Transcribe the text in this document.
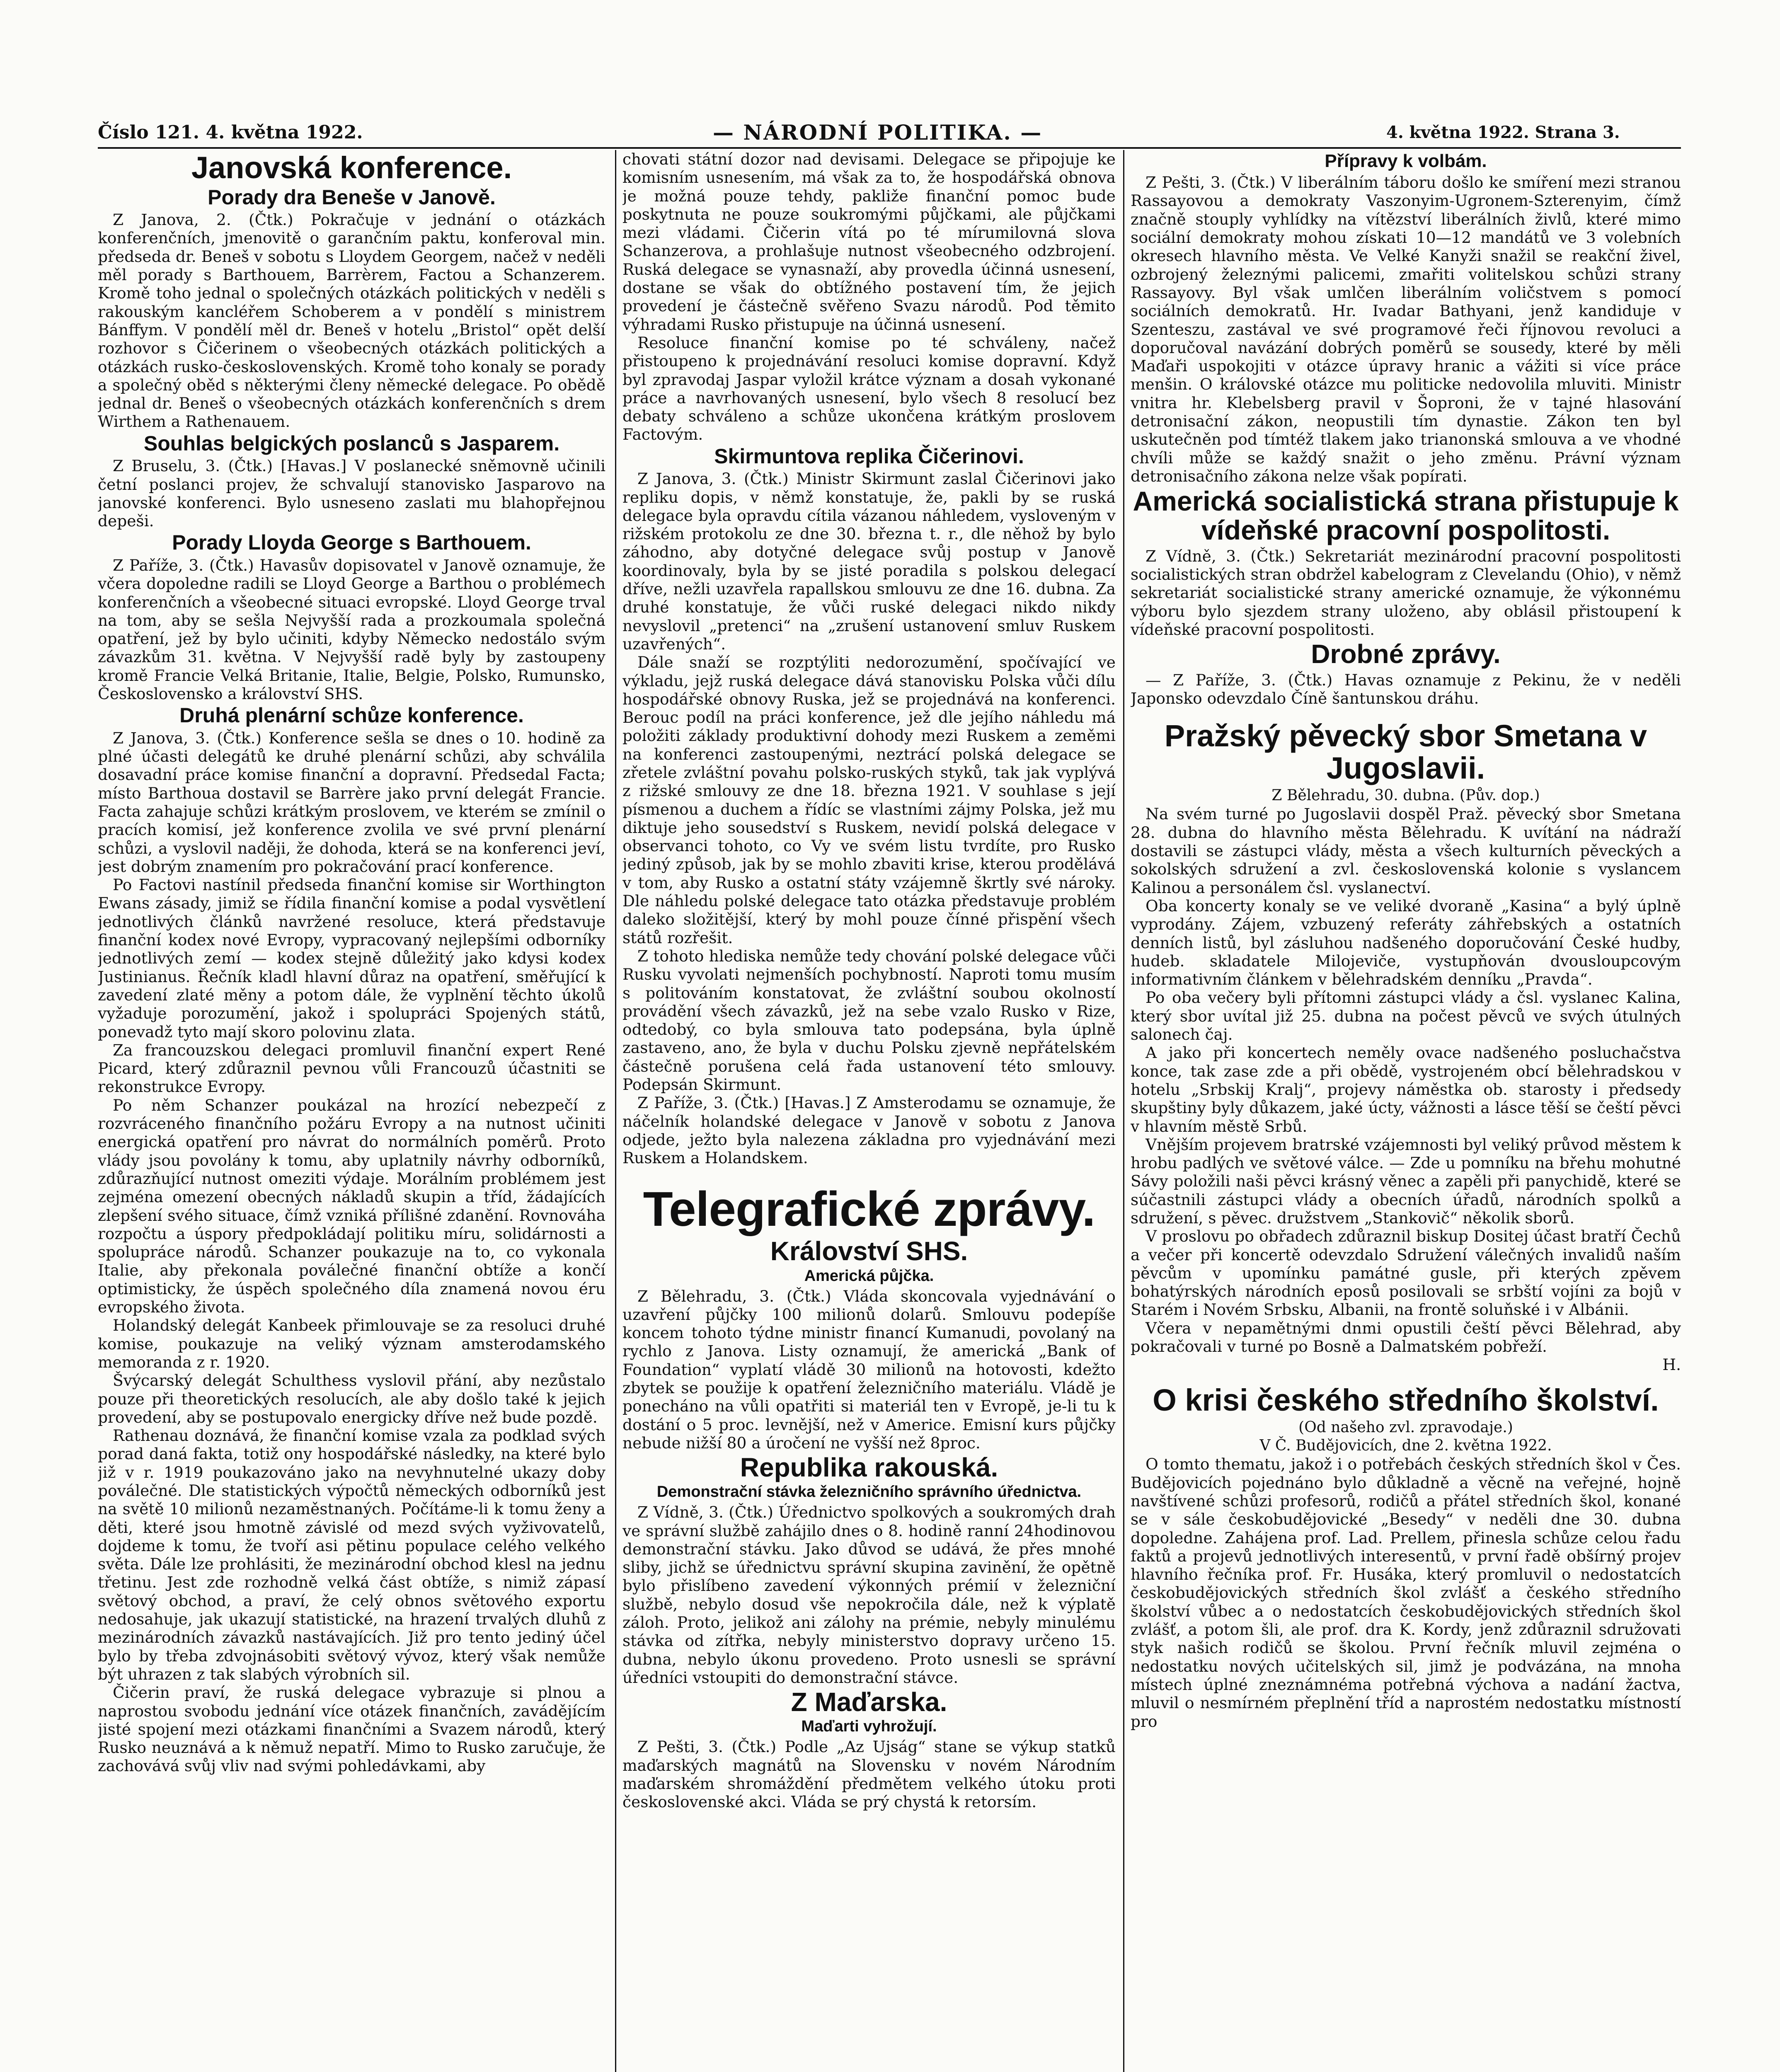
Číslo 121. 4. května 1922.	— NÁRODNÍ POLITIKA. —	4. května 1922. Strana 3.
Janovská konference.
Porady dra Beneše v Janově.

Z Janova, 2. (Čtk.) Pokračuje v jednání o otázkách konferenčních, jmenovitě o garančním paktu, konferoval min. předseda dr. Beneš v sobotu s Lloydem Georgem, načež v neděli měl porady s Barthouem, Barrèrem, Factou a Schanzerem. Kromě toho jednal o společných otázkách politických v neděli s rakouským kancléřem Schoberem a v pondělí s ministrem Bánffym. V pondělí měl dr. Beneš v hotelu „Bristol“ opět delší rozhovor s Čičerinem o všeobecných otázkách politických a otázkách rusko-československých. Kromě toho konaly se porady a společný oběd s některými členy německé delegace. Po obědě jednal dr. Beneš o všeobecných otázkách konferenčních s drem Wirthem a Rathenauem.

Souhlas belgických poslanců s Jasparem.

Z Bruselu, 3. (Čtk.) [Havas.] V poslanecké sněmovně učinili četní poslanci projev, že schvalují stanovisko Jasparovo na janovské konferenci. Bylo usneseno zaslati mu blahopřejnou depeši.

Porady Lloyda George s Barthouem.

Z Paříže, 3. (Čtk.) Havasův dopisovatel v Janově oznamuje, že včera dopoledne radili se Lloyd George a Barthou o problémech konferenčních a všeobecné situaci evropské. Lloyd George trval na tom, aby se sešla Nejvyšší rada a prozkoumala společná opatření, jež by bylo učiniti, kdyby Německo nedostálo svým závazkům 31. května. V Nejvyšší radě byly by zastoupeny kromě Francie Velká Britanie, Italie, Belgie, Polsko, Rumunsko, Československo a království SHS.

Druhá plenární schůze konference.

Z Janova, 3. (Čtk.) Konference sešla se dnes o 10. hodině za plné účasti delegátů ke druhé plenární schůzi, aby schválila dosavadní práce komise finanční a dopravní. Předsedal Facta; místo Barthoua dostavil se Barrère jako první delegát Francie. Facta zahajuje schůzi krátkým proslovem, ve kterém se zmínil o pracích komisí, jež konference zvolila ve své první plenární schůzi, a vyslovil naději, že dohoda, která se na konferenci jeví, jest dobrým znamením pro pokračování prací konference.

Po Factovi nastínil předseda finanční komise sir Worthington Ewans zásady, jimiž se řídila finanční komise a podal vysvětlení jednotlivých článků navržené resoluce, která představuje finanční kodex nové Evropy, vypracovaný nejlepšími odborníky jednotlivých zemí — kodex stejně důležitý jako kdysi kodex Justinianus. Řečník kladl hlavní důraz na opatření, směřující k zavedení zlaté měny a potom dále, že vyplnění těchto úkolů vyžaduje porozumění, jakož i spolupráci Spojených států, ponevadž tyto mají skoro polovinu zlata.

Za francouzskou delegaci promluvil finanční expert René Picard, který zdůraznil pevnou vůli Francouzů účastniti se rekonstrukce Evropy.

Po něm Schanzer poukázal na hrozící nebezpečí z rozvráceného finančního požáru Evropy a na nutnost učiniti energická opatření pro návrat do normálních poměrů. Proto vlády jsou povolány k tomu, aby uplatnily návrhy odborníků, zdůrazňující nutnost omeziti výdaje. Morálním problémem jest zejména omezení obecných nákladů skupin a tříd, žádajících zlepšení svého situace, čímž vzniká přílišné zdanění. Rovnováha rozpočtu a úspory předpokládají politiku míru, solidárnosti a spolupráce národů. Schanzer poukazuje na to, co vykonala Italie, aby překonala poválečné finanční obtíže a končí optimisticky, že úspěch společného díla znamená novou éru evropského života.

Holandský delegát Kanbeek přimlouvaje se za resoluci druhé komise, poukazuje na veliký význam amsterodamského memoranda z r. 1920.

Švýcarský delegát Schulthess vyslovil přání, aby nezůstalo pouze při theoretických resolucích, ale aby došlo také k jejich provedení, aby se postupovalo energicky dříve než bude pozdě.

Rathenau doznává, že finanční komise vzala za podklad svých porad daná fakta, totiž ony hospodářské následky, na které bylo již v r. 1919 poukazováno jako na nevyhnutelné ukazy doby poválečné. Dle statistických výpočtů německých odborníků jest na světě 10 milionů nezaměstnaných. Počítáme-li k tomu ženy a děti, které jsou hmotně závislé od mezd svých vyživovatelů, dojdeme k tomu, že tvoří asi pětinu populace celého velkého světa. Dále lze prohlásiti, že mezinárodní obchod klesl na jednu třetinu. Jest zde rozhodně velká část obtíže, s nimiž zápasí světový obchod, a praví, že celý obnos světového exportu nedosahuje, jak ukazují statistické, na hrazení trvalých dluhů z mezinárodních závazků nastávajících. Již pro tento jediný účel bylo by třeba zdvojnásobiti světový vývoz, který však nemůže být uhrazen z tak slabých výrobních sil.

Čičerin praví, že ruská delegace vybrazuje si plnou a naprostou svobodu jednání více otázek finančních, zavádějícím jisté spojení mezi otázkami finančními a Svazem národů, který Rusko neuznává a k němuž nepatří. Mimo to Rusko zaručuje, že zachovává svůj vliv nad svými pohledávkami, aby

chovati státní dozor nad devisami. Delegace se připojuje ke komisním usnesením, má však za to, že hospodářská obnova je možná pouze tehdy, pakliže finanční pomoc bude poskytnuta ne pouze soukromými půjčkami, ale půjčkami mezi vládami. Čičerin vítá po té mírumilovná slova Schanzerova, a prohlašuje nutnost všeobecného odzbrojení. Ruská delegace se vynasnaží, aby provedla účinná usnesení, dostane se však do obtížného postavení tím, že jejich provedení je částečně svěřeno Svazu národů. Pod těmito výhradami Rusko přistupuje na účinná usnesení.

Resoluce finanční komise po té schváleny, načež přistoupeno k projednávání resoluci komise dopravní. Když byl zpravodaj Jaspar vyložil krátce význam a dosah vykonané práce a navrhovaných usnesení, bylo všech 8 resolucí bez debaty schváleno a schůze ukončena krátkým proslovem Factovým.

Skirmuntova replika Čičerinovi.

Z Janova, 3. (Čtk.) Ministr Skirmunt zaslal Čičerinovi jako repliku dopis, v němž konstatuje, že, pakli by se ruská delegace byla opravdu cítila vázanou náhledem, vysloveným v rižském protokolu ze dne 30. března t. r., dle něhož by bylo záhodno, aby dotyčné delegace svůj postup v Janově koordinovaly, byla by se jisté poradila s polskou delegací dříve, nežli uzavřela rapallskou smlouvu ze dne 16. dubna. Za druhé konstatuje, že vůči ruské delegaci nikdo nikdy nevyslovil „pretenci“ na „zrušení ustanovení smluv Ruskem uzavřených“.

Dále snaží se rozptýliti nedorozumění, spočívající ve výkladu, jejž ruská delegace dává stanovisku Polska vůči dílu hospodářské obnovy Ruska, jež se projednává na konferenci. Berouc podíl na práci konference, jež dle jejího náhledu má položiti základy produktivní dohody mezi Ruskem a zeměmi na konferenci zastoupenými, neztrácí polská delegace se zřetele zvláštní povahu polsko-ruských styků, tak jak vyplývá z rižské smlouvy ze dne 18. března 1921. V souhlase s její písmenou a duchem a řídíc se vlastními zájmy Polska, jež mu diktuje jeho sousedství s Ruskem, nevidí polská delegace v observanci tohoto, co Vy ve svém listu tvrdíte, pro Rusko jediný způsob, jak by se mohlo zbaviti krise, kterou prodělává v tom, aby Rusko a ostatní státy vzájemně škrtly své nároky. Dle náhledu polské delegace tato otázka představuje problém daleko složitější, který by mohl pouze čínné přispění všech států rozřešit.

Z tohoto hlediska nemůže tedy chování polské delegace vůči Rusku vyvolati nejmenších pochybností. Naproti tomu musím s politováním konstatovat, že zvláštní soubou okolností provádění všech závazků, jež na sebe vzalo Rusko v Rize, odtedobý, co byla smlouva tato podepsána, byla úplně zastaveno, ano, že byla v duchu Polsku zjevně nepřátelském částečně porušena celá řada ustanovení této smlouvy. Podepsán Skirmunt.

Z Paříže, 3. (Čtk.) [Havas.] Z Amsterodamu se oznamuje, že náčelník holandské delegace v Janově v sobotu z Janova odjede, ježto byla nalezena základna pro vyjednávání mezi Ruskem a Holandskem.

Telegrafické zprávy.
Království SHS.
Americká půjčka.

Z Bělehradu, 3. (Čtk.) Vláda skoncovala vyjednávání o uzavření půjčky 100 milionů dolarů. Smlouvu podepíše koncem tohoto týdne ministr financí Kumanudi, povolaný na rychlo z Janova. Listy oznamují, že americká „Bank of Foundation“ vyplatí vládě 30 milionů na hotovosti, kdežto zbytek se použije k opatření železničního materiálu. Vládě je ponecháno na vůli opatřiti si materiál ten v Evropě, je-li tu k dostání o 5 proc. levnější, než v Americe. Emisní kurs půjčky nebude nižší 80 a úročení ne vyšší než 8proc.

Republika rakouská.
Demonstrační stávka železničního správního úřednictva.

Z Vídně, 3. (Čtk.) Úřednictvo spolkových a soukromých drah ve správní službě zahájilo dnes o 8. hodině ranní 24hodinovou demonstrační stávku. Jako důvod se udává, že přes mnohé sliby, jichž se úřednictvu správní skupina zavinění, že opětně bylo přislíbeno zavedení výkonných prémií v železniční službě, nebylo dosud vše nepokročila dále, než k výplatě záloh. Proto, jelikož ani zálohy na prémie, nebyly minulému stávka od zítřka, nebyly ministerstvo dopravy určeno 15. dubna, nebylo úkonu provedeno. Proto usnesli se správní úředníci vstoupiti do demonstrační stávce.

Z Maďarska.
Maďarti vyhrožují.

Z Pešti, 3. (Čtk.) Podle „Az Ujság“ stane se výkup statků maďarských magnátů na Slovensku v novém Národním maďarském shromáždění předmětem velkého útoku proti československé akci. Vláda se prý chystá k retorsím.

Přípravy k volbám.

Z Pešti, 3. (Čtk.) V liberálním táboru došlo ke smíření mezi stranou Rassayovou a demokraty Vaszonyim-Ugronem-Szterenyim, čímž značně stouply vyhlídky na vítězství liberálních živlů, které mimo sociální demokraty mohou získati 10—12 mandátů ve 3 volebních okresech hlavního města. Ve Velké Kanyži snažil se reakční živel, ozbrojený železnými palicemi, zmařiti volitelskou schůzi strany Rassayovy. Byl však umlčen liberálním voličstvem s pomocí sociálních demokratů. Hr. Ivadar Bathyani, jenž kandiduje v Szenteszu, zastával ve své programové řeči říjnovou revoluci a doporučoval navázání dobrých poměrů se sousedy, které by měli Maďaři uspokojiti v otázce úpravy hranic a vážiti si více práce menšin. O královské otázce mu politicke nedovolila mluviti. Ministr vnitra hr. Klebelsberg pravil v Šoproni, že v tajné hlasování detronisační zákon, neopustili tím dynastie. Zákon ten byl uskutečněn pod tímtéž tlakem jako trianonská smlouva a ve vhodné chvíli může se každý snažit o jeho změnu. Právní význam detronisačního zákona nelze však popírati.

Americká socialistická strana přistupuje k vídeňské pracovní pospolitosti.

Z Vídně, 3. (Čtk.) Sekretariát mezinárodní pracovní pospolitosti socialistických stran obdržel kabelogram z Clevelandu (Ohio), v němž sekretariát socialistické strany americké oznamuje, že výkonnému výboru bylo sjezdem strany uloženo, aby oblásil přistoupení k vídeňské pracovní pospolitosti.

Drobné zprávy.

— Z Paříže, 3. (Čtk.) Havas oznamuje z Pekinu, že v neděli Japonsko odevzdalo Číně šantunskou dráhu.

Pražský pěvecký sbor Smetana v Jugoslavii.
Z Bělehradu, 30. dubna. (Pův. dop.)

Na svém turné po Jugoslavii dospěl Praž. pěvecký sbor Smetana 28. dubna do hlavního města Bělehradu. K uvítání na nádraží dostavili se zástupci vlády, města a všech kulturních pěveckých a sokolských sdružení a zvl. československá kolonie s vyslancem Kalinou a personálem čsl. vyslanectví.

Oba koncerty konaly se ve veliké dvoraně „Kasina“ a bylý úplně vyprodány. Zájem, vzbuzený referáty záhřebských a ostatních denních listů, byl zásluhou nadšeného doporučování České hudby, hudeb. skladatele Milojeviče, vystupňován dvousloupcovým informativním článkem v bělehradském denníku „Pravda“.

Po oba večery byli přítomni zástupci vlády a čsl. vyslanec Kalina, který sbor uvítal již 25. dubna na počest pěvců ve svých útulných salonech čaj.

A jako při koncertech neměly ovace nadšeného posluchačstva konce, tak zase zde a při obědě, vystrojeném obcí bělehradskou v hotelu „Srbskij Kralj“, projevy náměstka ob. starosty i předsedy skupštiny byly důkazem, jaké úcty, vážnosti a lásce těší se čeští pěvci v hlavním městě Srbů.

Vnějším projevem bratrské vzájemnosti byl veliký průvod městem k hrobu padlých ve světové válce. — Zde u pomníku na břehu mohutné Sávy položili naši pěvci krásný věnec a zapěli při panychidě, které se súčastnili zástupci vlády a obecních úřadů, národních spolků a sdružení, s pěvec. družstvem „Stankovič“ několik sborů.

V proslovu po obřadech zdůraznil biskup Dositej účast bratří Čechů a večer při koncertě odevzdalo Sdružení válečných invalidů naším pěvcům v upomínku památné gusle, při kterých zpěvem bohatýrských národních eposů posilovali se srbští vojíni za bojů v Starém i Novém Srbsku, Albanii, na frontě soluňské i v Albánii.

Včera v nepamětnými dnmi opustili čeští pěvci Bělehrad, aby pokračovali v turné po Bosně a Dalmatském pobřeží.

H.
O krisi českého středního školství.
(Od našeho zvl. zpravodaje.)
V Č. Budějovicích, dne 2. května 1922.

O tomto thematu, jakož i o potřebách českých středních škol v Čes. Budějovicích pojednáno bylo důkladně a věcně na veřejné, hojně navštívené schůzi profesorů, rodičů a přátel středních škol, konané se v sále českobudějovické „Besedy“ v neděli dne 30. dubna dopoledne. Zahájena prof. Lad. Prellem, přinesla schůze celou řadu faktů a projevů jednotlivých interesentů, v první řadě obšírný projev hlavního řečníka prof. Fr. Husáka, který promluvil o nedostatcích českobudějovických středních škol zvlášť a českého středního školství vůbec a o nedostatcích českobudějovických středních škol zvlášť, a potom šli, ale prof. dra K. Kordy, jenž zdůraznil sdružovati styk našich rodičů se školou. První řečník mluvil zejména o nedostatku nových učitelských sil, jimž je podvázána, na mnoha místech úplné zneznámnéma potřebná výchova a nadání žactva, mluvil o nesmírném přeplnění tříd a naprostém nedostatku místností pro
